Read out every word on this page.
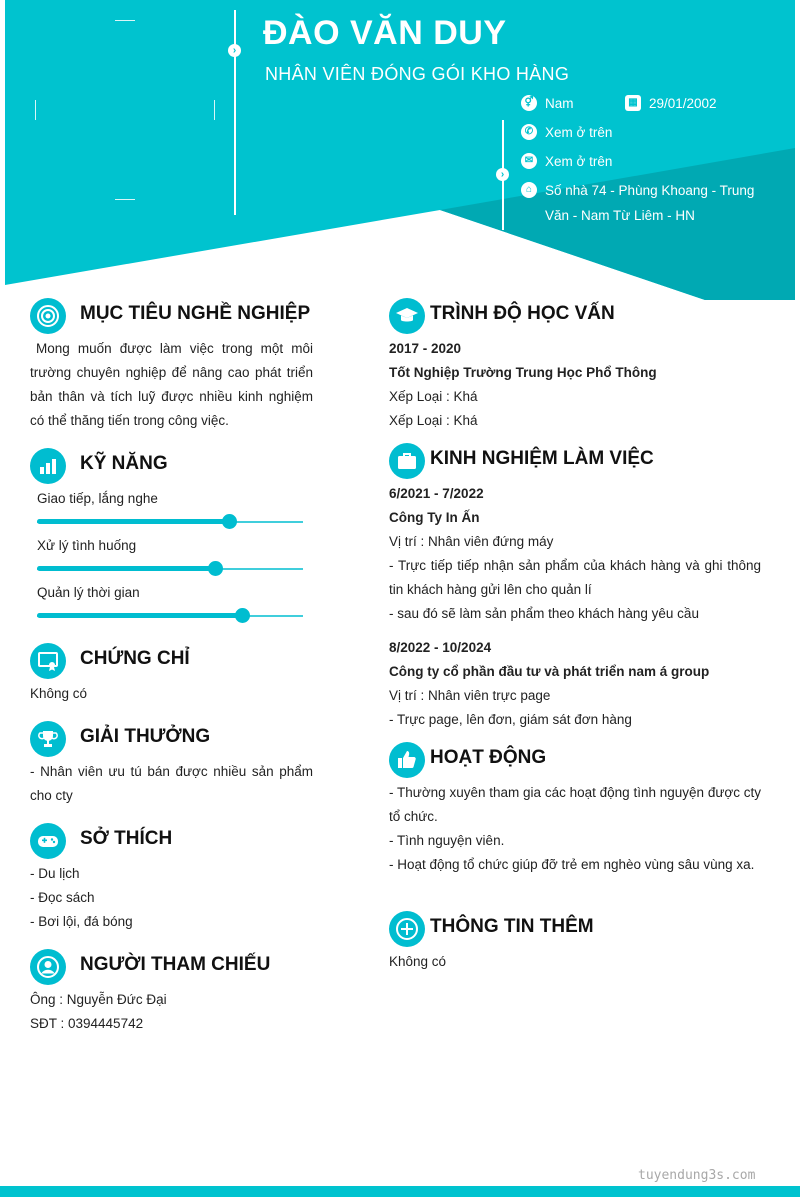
›
›
ĐÀO VĂN DUY
NHÂN VIÊN ĐÓNG GÓI KHO HÀNG
⚥ Nam	▦ 29/01/2002
✆ Xem ở trên
✉ Xem ở trên
⌂ Số nhà 74 - Phùng Khoang - Trung
Văn - Nam Từ Liêm - HN
MỤC TIÊU NGHỀ NGHIỆP
Mong muốn được làm việc trong một môi trường chuyên nghiệp để nâng cao phát triển bản thân và tích luỹ được nhiều kinh nghiệm có thể thăng tiến trong công việc.
KỸ NĂNG
Giao tiếp, lắng nghe
Xử lý tình huống
Quản lý thời gian
CHỨNG CHỈ
Không có
GIẢI THƯỞNG
- Nhân viên ưu tú bán được nhiều sản phẩm cho cty
SỞ THÍCH
- Du lịch
- Đọc sách
- Bơi lội, đá bóng
NGƯỜI THAM CHIẾU
Ông : Nguyễn Đức Đại
SĐT : 0394445742
TRÌNH ĐỘ HỌC VẤN
2017 - 2020
Tốt Nghiệp Trường Trung Học Phổ Thông
Xếp Loại : Khá
Xếp Loại : Khá
KINH NGHIỆM LÀM VIỆC
6/2021 - 7/2022
Công Ty In Ấn
Vị trí : Nhân viên đứng máy
- Trực tiếp tiếp nhận sản phẩm của khách hàng và ghi thông tin khách hàng gửi lên cho quản lí
- sau đó sẽ làm sản phẩm theo khách hàng yêu cầu
8/2022 - 10/2024
Công ty cổ phần đầu tư và phát triển nam á group
Vị trí : Nhân viên trực page
- Trực page, lên đơn, giám sát đơn hàng
HOẠT ĐỘNG
- Thường xuyên tham gia các hoạt động tình nguyện được cty tổ chức.
- Tình nguyện viên.
- Hoạt động tổ chức giúp đỡ trẻ em nghèo vùng sâu vùng xa.
THÔNG TIN THÊM
Không có
tuyendung3s.com
